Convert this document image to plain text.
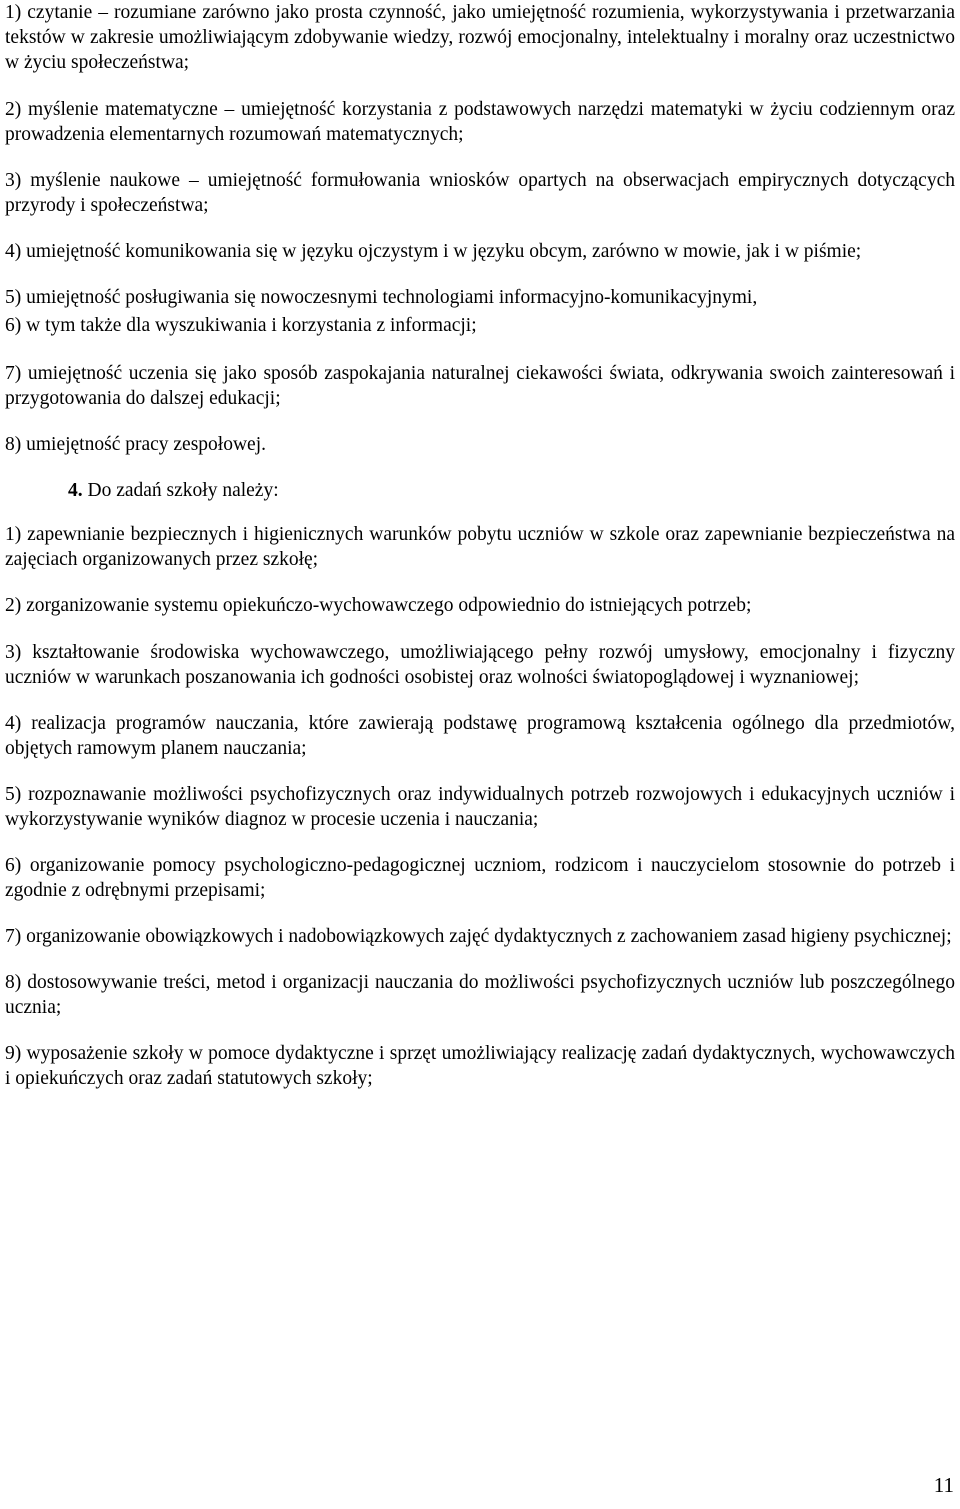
1) czytanie – rozumiane zarówno jako prosta czynność, jako umiejętność rozumienia, wykorzystywania i przetwarzania tekstów w zakresie umożliwiającym zdobywanie wiedzy, rozwój emocjonalny, intelektualny i moralny oraz uczestnictwo w życiu społeczeństwa;

2) myślenie matematyczne – umiejętność korzystania z podstawowych narzędzi matematyki w życiu codziennym oraz prowadzenia elementarnych rozumowań matematycznych;

3) myślenie naukowe – umiejętność formułowania wniosków opartych na obserwacjach empirycznych dotyczących przyrody i społeczeństwa;

4) umiejętność komunikowania się w języku ojczystym i w języku obcym, zarówno w mowie, jak i w piśmie;

5) umiejętność posługiwania się nowoczesnymi technologiami informacyjno-komunikacyjnymi,

6) w tym także dla wyszukiwania i korzystania z informacji;

7) umiejętność uczenia się jako sposób zaspokajania naturalnej ciekawości świata, odkrywania swoich zainteresowań i przygotowania do dalszej edukacji;

8) umiejętność pracy zespołowej.

4. Do zadań szkoły należy:

1) zapewnianie bezpiecznych i higienicznych warunków pobytu uczniów w szkole oraz zapewnianie bezpieczeństwa na zajęciach organizowanych przez szkołę;

2) zorganizowanie systemu opiekuńczo-wychowawczego odpowiednio do istniejących potrzeb;

3) kształtowanie środowiska wychowawczego, umożliwiającego pełny rozwój umysłowy, emocjonalny i fizyczny uczniów w warunkach poszanowania ich godności osobistej oraz wolności światopoglądowej i wyznaniowej;

4) realizacja programów nauczania, które zawierają podstawę programową kształcenia ogólnego dla przedmiotów, objętych ramowym planem nauczania;

5) rozpoznawanie możliwości psychofizycznych oraz indywidualnych potrzeb rozwojowych i edukacyjnych uczniów i wykorzystywanie wyników diagnoz w procesie uczenia i nauczania;

6) organizowanie pomocy psychologiczno-pedagogicznej uczniom, rodzicom i nauczycielom stosownie do potrzeb i zgodnie z odrębnymi przepisami;

7) organizowanie obowiązkowych i nadobowiązkowych zajęć dydaktycznych z zachowaniem zasad higieny psychicznej;

8) dostosowywanie treści, metod i organizacji nauczania do możliwości psychofizycznych uczniów lub poszczególnego ucznia;

9) wyposażenie szkoły w pomoce dydaktyczne i sprzęt umożliwiający realizację zadań dydaktycznych, wychowawczych i opiekuńczych oraz zadań statutowych szkoły;

11
